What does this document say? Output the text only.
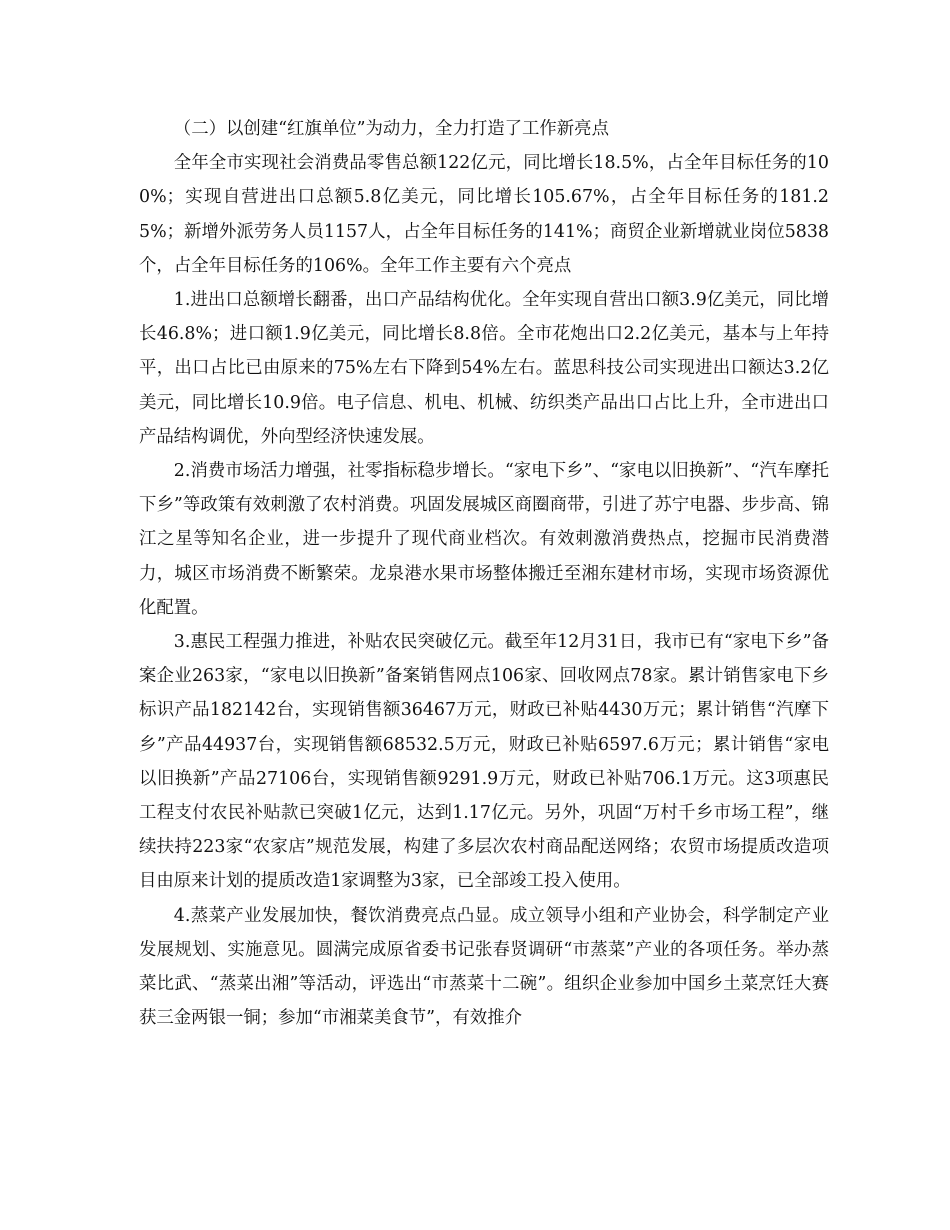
（二）以创建“红旗单位”为动力，全力打造了工作新亮点

全年全市实现社会消费品零售总额122亿元，同比增长18.5%，占全年目标任务的100%；实现自营进出口总额5.8亿美元，同比增长105.67%，占全年目标任务的181.25%；新增外派劳务人员1157人，占全年目标任务的141%；商贸企业新增就业岗位5838个，占全年目标任务的106%。全年工作主要有六个亮点

1.进出口总额增长翻番，出口产品结构优化。全年实现自营出口额3.9亿美元，同比增长46.8%；进口额1.9亿美元，同比增长8.8倍。全市花炮出口2.2亿美元，基本与上年持平，出口占比已由原来的75%左右下降到54%左右。蓝思科技公司实现进出口额达3.2亿美元，同比增长10.9倍。电子信息、机电、机械、纺织类产品出口占比上升，全市进出口产品结构调优，外向型经济快速发展。

2.消费市场活力增强，社零指标稳步增长。“家电下乡”、“家电以旧换新”、“汽车摩托下乡”等政策有效刺激了农村消费。巩固发展城区商圈商带，引进了苏宁电器、步步高、锦江之星等知名企业，进一步提升了现代商业档次。有效刺激消费热点，挖掘市民消费潜力，城区市场消费不断繁荣。龙泉港水果市场整体搬迁至湘东建材市场，实现市场资源优化配置。

3.惠民工程强力推进，补贴农民突破亿元。截至年12月31日，我市已有“家电下乡”备案企业263家，“家电以旧换新”备案销售网点106家、回收网点78家。累计销售家电下乡标识产品182142台，实现销售额36467万元，财政已补贴4430万元；累计销售“汽摩下乡”产品44937台，实现销售额68532.5万元，财政已补贴6597.6万元；累计销售“家电以旧换新”产品27106台，实现销售额9291.9万元，财政已补贴706.1万元。这3项惠民工程支付农民补贴款已突破1亿元，达到1.17亿元。另外，巩固“万村千乡市场工程”，继续扶持223家“农家店”规范发展，构建了多层次农村商品配送网络；农贸市场提质改造项目由原来计划的提质改造1家调整为3家，已全部竣工投入使用。

4.蒸菜产业发展加快，餐饮消费亮点凸显。成立领导小组和产业协会，科学制定产业发展规划、实施意见。圆满完成原省委书记张春贤调研“市蒸菜”产业的各项任务。举办蒸菜比武、“蒸菜出湘”等活动，评选出“市蒸菜十二碗”。组织企业参加中国乡土菜烹饪大赛获三金两银一铜；参加“市湘菜美食节”，有效推介
